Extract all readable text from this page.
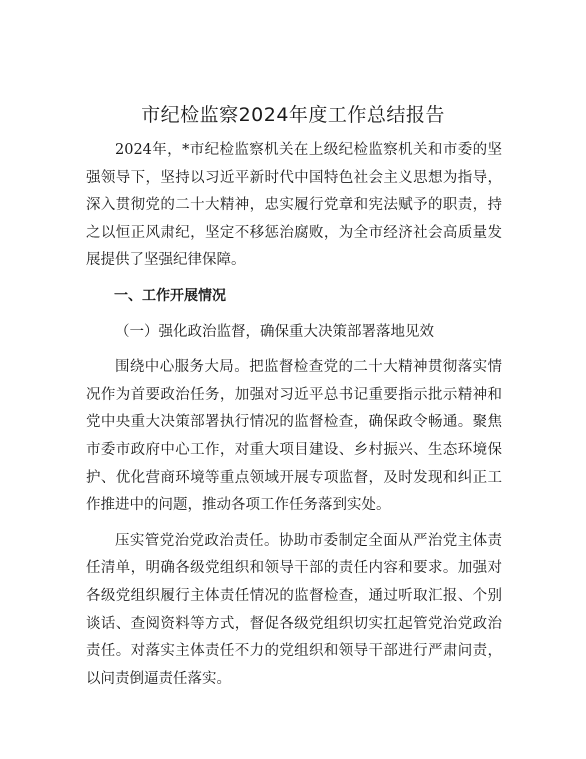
市纪检监察2024年度工作总结报告

2024年，*市纪检监察机关在上级纪检监察机关和市委的坚强领导下，坚持以习近平新时代中国特色社会主义思想为指导，深入贯彻党的二十大精神，忠实履行党章和宪法赋予的职责，持之以恒正风肃纪，坚定不移惩治腐败，为全市经济社会高质量发展提供了坚强纪律保障。

一、工作开展情况

（一）强化政治监督，确保重大决策部署落地见效

围绕中心服务大局。把监督检查党的二十大精神贯彻落实情况作为首要政治任务，加强对习近平总书记重要指示批示精神和党中央重大决策部署执行情况的监督检查，确保政令畅通。聚焦市委市政府中心工作，对重大项目建设、乡村振兴、生态环境保护、优化营商环境等重点领域开展专项监督，及时发现和纠正工作推进中的问题，推动各项工作任务落到实处。

压实管党治党政治责任。协助市委制定全面从严治党主体责任清单，明确各级党组织和领导干部的责任内容和要求。加强对各级党组织履行主体责任情况的监督检查，通过听取汇报、个别谈话、查阅资料等方式，督促各级党组织切实扛起管党治党政治责任。对落实主体责任不力的党组织和领导干部进行严肃问责，以问责倒逼责任落实。
